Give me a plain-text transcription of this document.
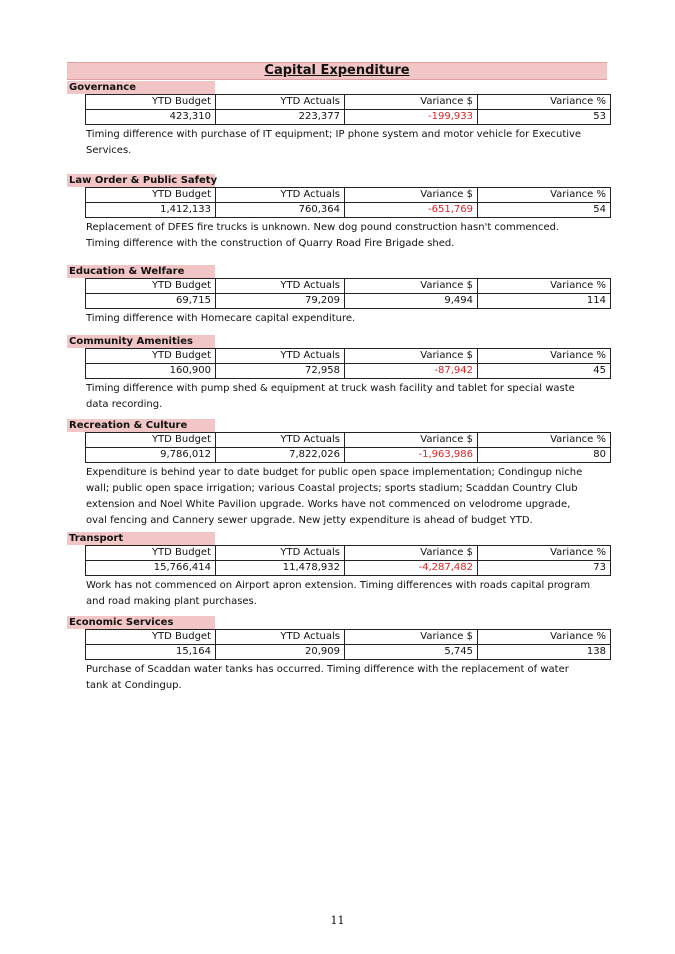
Capital Expenditure
Governance
YTD Budget	YTD Actuals	Variance $	Variance %
423,310	223,377	-199,933	53
Timing difference with purchase of IT equipment; IP phone system and motor vehicle for Executive Services.
Law Order & Public Safety
YTD Budget	YTD Actuals	Variance $	Variance %
1,412,133	760,364	-651,769	54
Replacement of DFES fire trucks is unknown. New dog pound construction hasn't commenced. Timing difference with the construction of Quarry Road Fire Brigade shed.
Education & Welfare
YTD Budget	YTD Actuals	Variance $	Variance %
69,715	79,209	9,494	114
Timing difference with Homecare capital expenditure.
Community Amenities
YTD Budget	YTD Actuals	Variance $	Variance %
160,900	72,958	-87,942	45
Timing difference with pump shed & equipment at truck wash facility and tablet for special waste data recording.
Recreation & Culture
YTD Budget	YTD Actuals	Variance $	Variance %
9,786,012	7,822,026	-1,963,986	80
Expenditure is behind year to date budget for public open space implementation; Condingup niche wall; public open space irrigation; various Coastal projects; sports stadium; Scaddan Country Club extension and Noel White Pavilion upgrade. Works have not commenced on velodrome upgrade, oval fencing and Cannery sewer upgrade. New jetty expenditure is ahead of budget YTD.
Transport
YTD Budget	YTD Actuals	Variance $	Variance %
15,766,414	11,478,932	-4,287,482	73
Work has not commenced on Airport apron extension. Timing differences with roads capital program and road making plant purchases.
Economic Services
YTD Budget	YTD Actuals	Variance $	Variance %
15,164	20,909	5,745	138
Purchase of Scaddan water tanks has occurred. Timing difference with the replacement of water tank at Condingup.
11
